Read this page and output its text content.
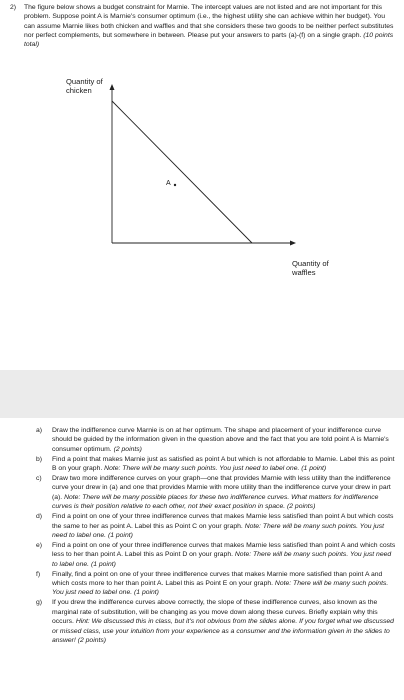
2) The figure below shows a budget constraint for Marnie. The intercept values are not listed and are not important for this problem. Suppose point A is Marnie's consumer optimum (i.e., the highest utility she can achieve within her budget). You can assume Marnie likes both chicken and waffles and that she considers these two goods to be neither perfect substitutes nor perfect complements, but somewhere in between. Please put your answers to parts (a)-(f) on a single graph. (10 points total)
A
Quantity of chicken
Quantity of waffles
a) Draw the indifference curve Marnie is on at her optimum. The shape and placement of your indifference curve should be guided by the information given in the question above and the fact that you are told point A is Marnie's consumer optimum. (2 points)
b) Find a point that makes Marnie just as satisfied as point A but which is not affordable to Marnie. Label this as point B on your graph. Note: There will be many such points. You just need to label one. (1 point)
c) Draw two more indifference curves on your graph—one that provides Marnie with less utility than the indifference curve your drew in (a) and one that provides Marnie with more utility than the indifference curve your drew in part (a). Note: There will be many possible places for these two indifference curves. What matters for indifference curves is their position relative to each other, not their exact position in space. (2 points)
d) Find a point on one of your three indifference curves that makes Marnie less satisfied than point A but which costs the same to her as point A. Label this as Point C on your graph. Note: There will be many such points. You just need to label one. (1 point)
e) Find a point on one of your three indifference curves that makes Marnie less satisfied than point A and which costs less to her than point A. Label this as Point D on your graph. Note: There will be many such points. You just need to label one. (1 point)
f) Finally, find a point on one of your three indifference curves that makes Marnie more satisfied than point A and which costs more to her than point A. Label this as Point E on your graph. Note: There will be many such points. You just need to label one. (1 point)
g) If you drew the indifference curves above correctly, the slope of these indifference curves, also known as the marginal rate of substitution, will be changing as you move down along these curves. Briefly explain why this occurs. Hint: We discussed this in class, but it's not obvious from the slides alone. If you forget what we discussed or missed class, use your intuition from your experience as a consumer and the information given in the slides to answer! (2 points)
